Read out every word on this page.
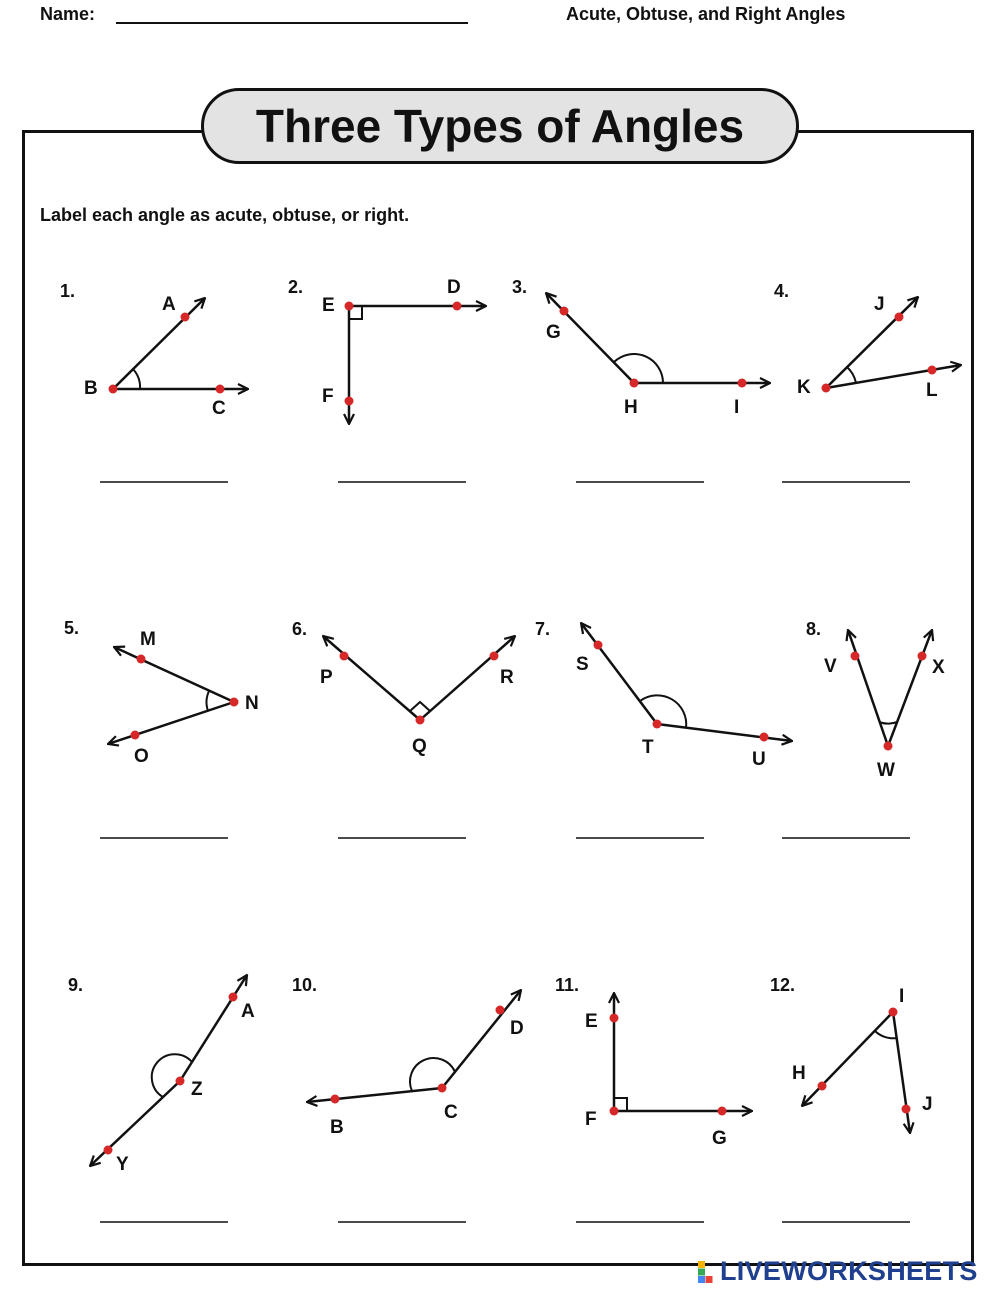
Name:	Acute, Obtuse, and Right Angles
Three Types of Angles
Label each angle as acute, obtuse, or right.
1.
B
A
C
2.
E
D
F
3.
H
G
I
4.
K
J
L
5.
N
M
O
6.
Q
P	R
7.
T
S
U
8.
W
V	X
9.
Z
A
Y
10.
C
D
B
11.
F
E
G
12.
I
H
J
LIVEWORKSHEETS
